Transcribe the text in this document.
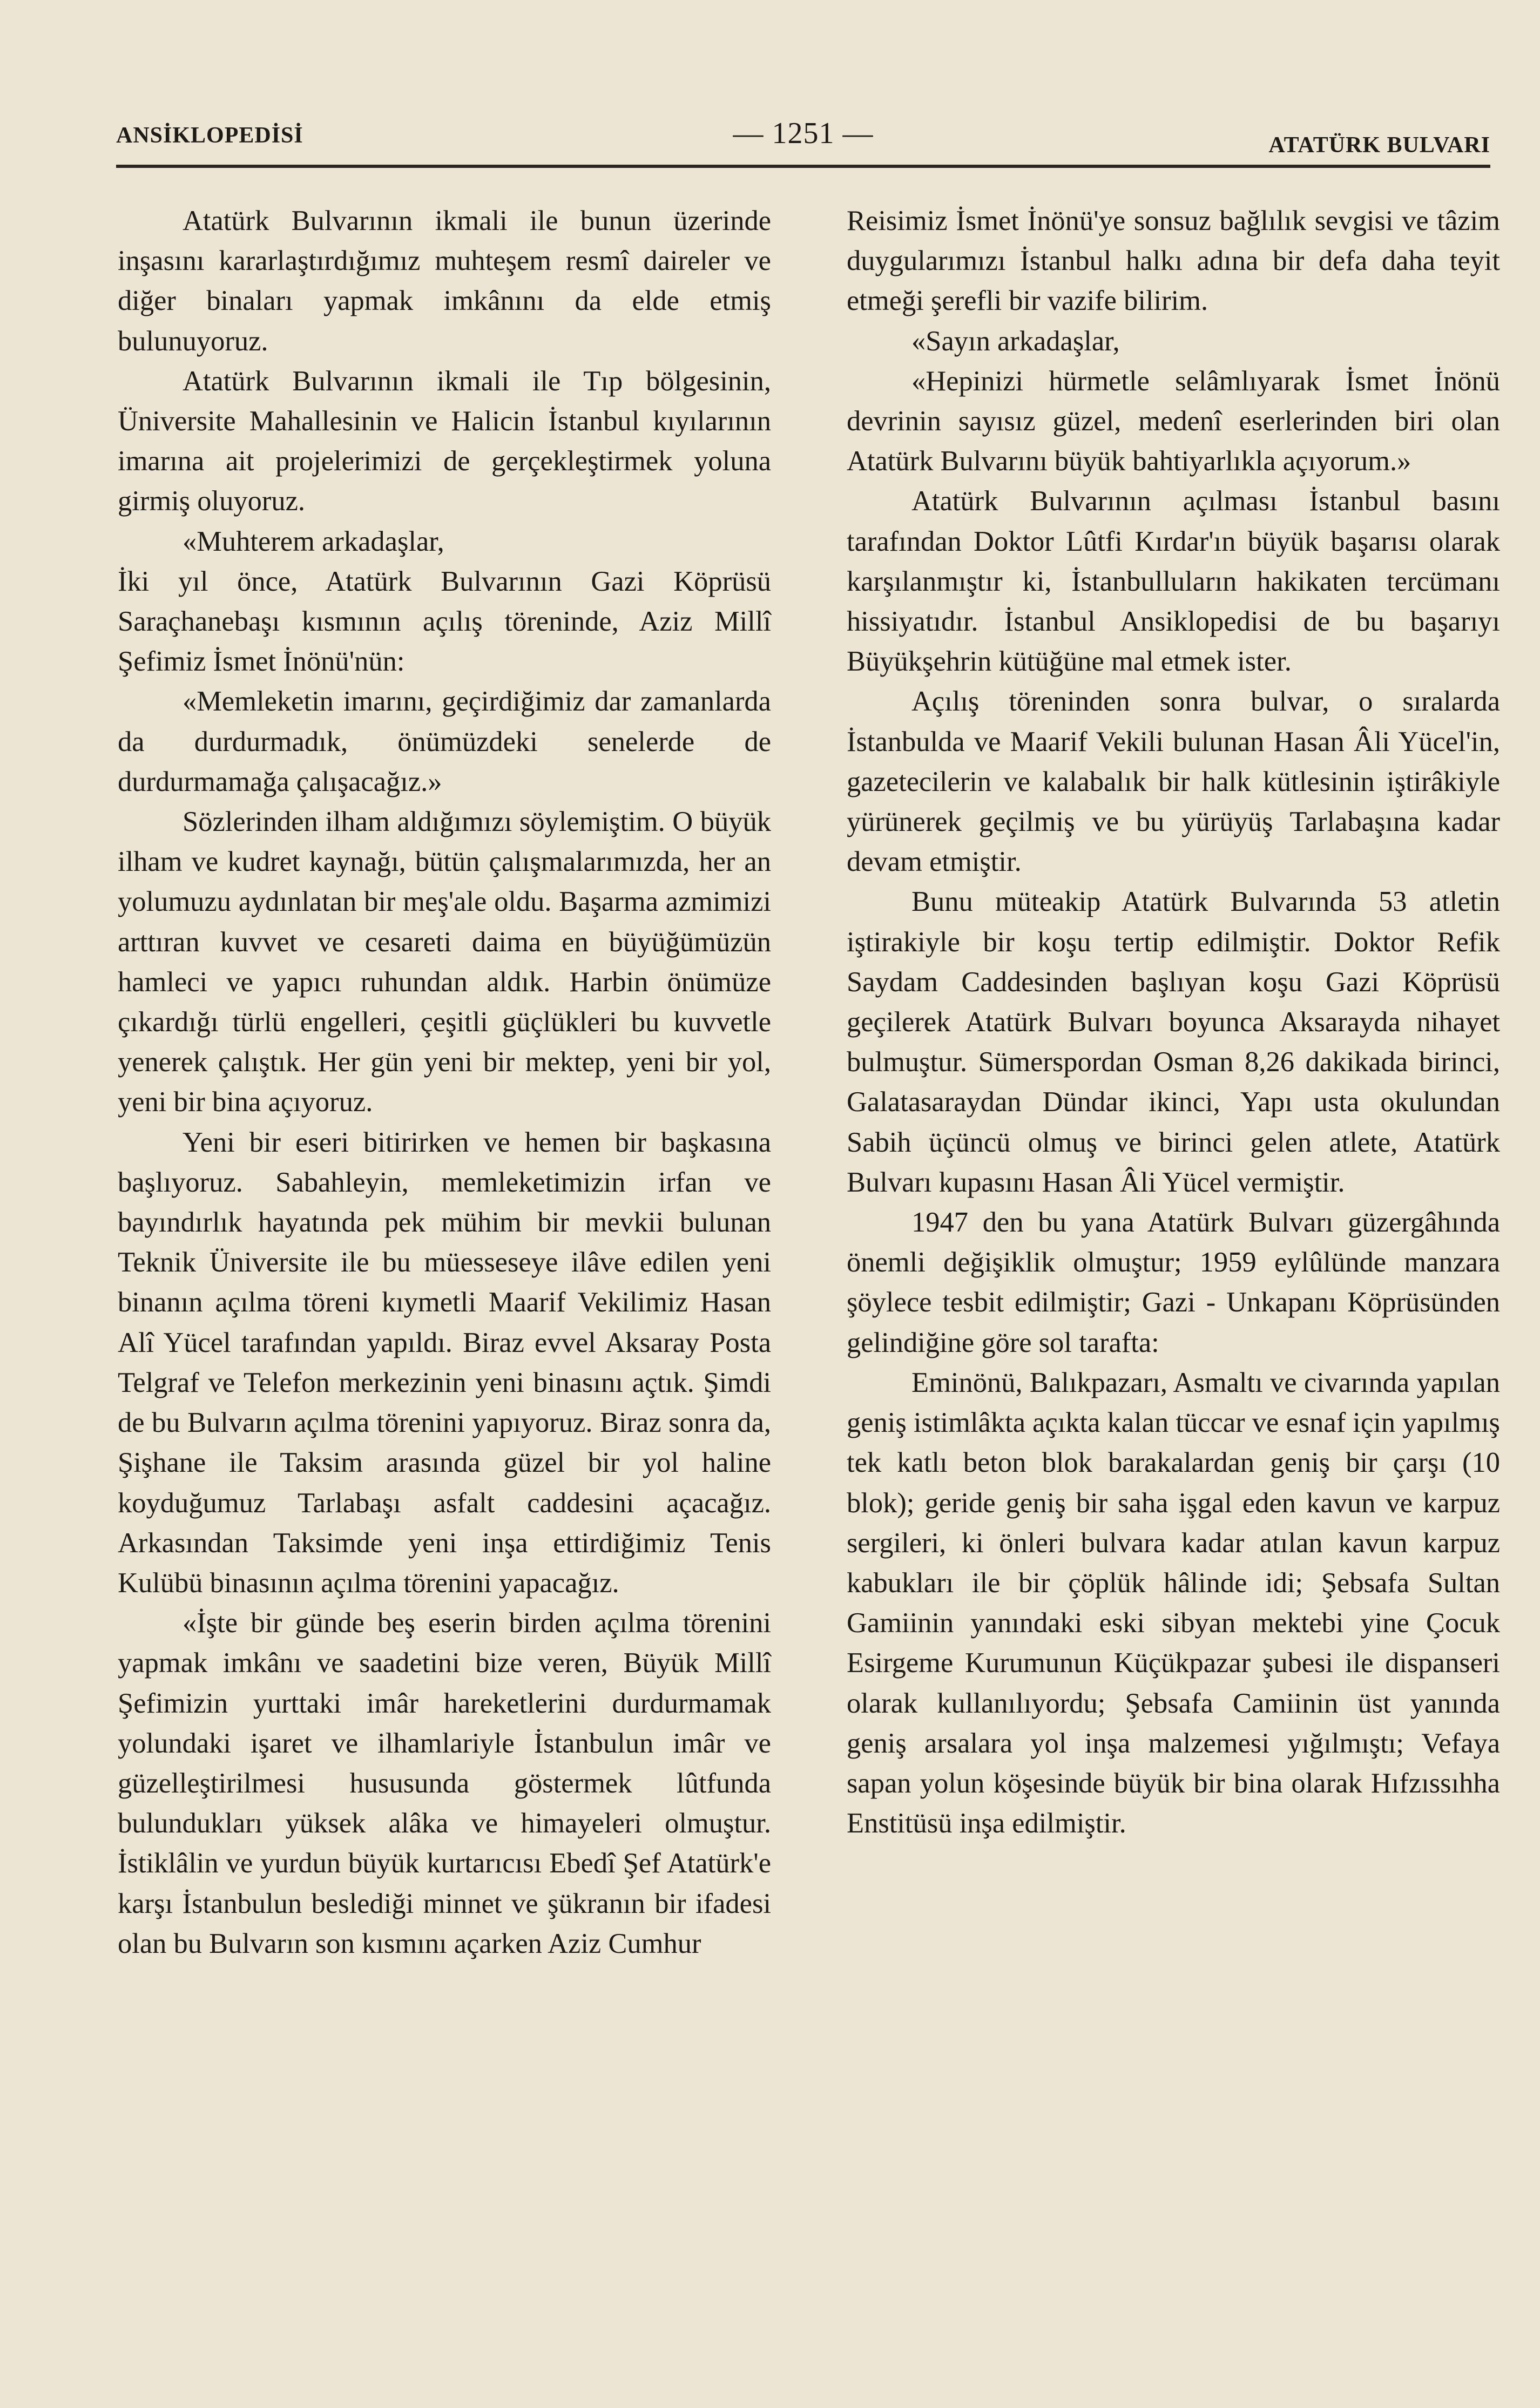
ANSİKLOPEDİSİ	— 1251 —	ATATÜRK BULVARI

Atatürk Bulvarının ikmali ile bunun üzerinde inşasını kararlaştırdığımız muhteşem resmî daireler ve diğer binaları yapmak imkânını da elde etmiş bulunuyoruz.

Atatürk Bulvarının ikmali ile Tıp bölgesinin, Üniversite Mahallesinin ve Halicin İstanbul kıyılarının imarına ait projelerimizi de gerçekleştirmek yoluna girmiş oluyoruz.

«Muhterem arkadaşlar,

İki yıl önce, Atatürk Bulvarının Gazi Köprüsü Saraçhanebaşı kısmının açılış töreninde, Aziz Millî Şefimiz İsmet İnönü'nün:

«Memleketin imarını, geçirdiğimiz dar zamanlarda da durdurmadık, önümüzdeki senelerde de durdurmamağa çalışacağız.»

Sözlerinden ilham aldığımızı söylemiştim. O büyük ilham ve kudret kaynağı, bütün çalışmalarımızda, her an yolumuzu aydınlatan bir meş'ale oldu. Başarma azmimizi arttıran kuvvet ve cesareti daima en büyüğümüzün hamleci ve yapıcı ruhundan aldık. Harbin önümüze çıkardığı türlü engelleri, çeşitli güçlükleri bu kuvvetle yenerek çalıştık. Her gün yeni bir mektep, yeni bir yol, yeni bir bina açıyoruz.

Yeni bir eseri bitirirken ve hemen bir başkasına başlıyoruz. Sabahleyin, memleketimizin irfan ve bayındırlık hayatında pek mühim bir mevkii bulunan Teknik Üniversite ile bu müesseseye ilâve edilen yeni binanın açılma töreni kıymetli Maarif Vekilimiz Hasan Alî Yücel tarafından yapıldı. Biraz evvel Aksaray Posta Telgraf ve Telefon merkezinin yeni binasını açtık. Şimdi de bu Bulvarın açılma törenini yapıyoruz. Biraz sonra da, Şişhane ile Taksim arasında güzel bir yol haline koyduğumuz Tarlabaşı asfalt caddesini açacağız. Arkasından Taksimde yeni inşa ettirdiğimiz Tenis Kulübü binasının açılma törenini yapacağız.

«İşte bir günde beş eserin birden açılma törenini yapmak imkânı ve saadetini bize veren, Büyük Millî Şefimizin yurttaki imâr hareketlerini durdurmamak yolundaki işaret ve ilhamlariyle İstanbulun imâr ve güzelleştirilmesi hususunda göstermek lûtfunda bulundukları yüksek alâka ve himayeleri olmuştur. İstiklâlin ve yurdun büyük kurtarıcısı Ebedî Şef Atatürk'e karşı İstanbulun beslediği minnet ve şükranın bir ifadesi olan bu Bulvarın son kısmını açarken Aziz Cumhur

Reisimiz İsmet İnönü'ye sonsuz bağlılık sevgisi ve tâzim duygularımızı İstanbul halkı adına bir defa daha teyit etmeği şerefli bir vazife bilirim.

«Sayın arkadaşlar,

«Hepinizi hürmetle selâmlıyarak İsmet İnönü devrinin sayısız güzel, medenî eserlerinden biri olan Atatürk Bulvarını büyük bahtiyarlıkla açıyorum.»

Atatürk Bulvarının açılması İstanbul basını tarafından Doktor Lûtfi Kırdar'ın büyük başarısı olarak karşılanmıştır ki, İstanbulluların hakikaten tercümanı hissiyatıdır. İstanbul Ansiklopedisi de bu başarıyı Büyükşehrin kütüğüne mal etmek ister.

Açılış töreninden sonra bulvar, o sıralarda İstanbulda ve Maarif Vekili bulunan Hasan Âli Yücel'in, gazetecilerin ve kalabalık bir halk kütlesinin iştirâkiyle yürünerek geçilmiş ve bu yürüyüş Tarlabaşına kadar devam etmiştir.

Bunu müteakip Atatürk Bulvarında 53 atletin iştirakiyle bir koşu tertip edilmiştir. Doktor Refik Saydam Caddesinden başlıyan koşu Gazi Köprüsü geçilerek Atatürk Bulvarı boyunca Aksarayda nihayet bulmuştur. Sümerspordan Osman 8,26 dakikada birinci, Galatasaraydan Dündar ikinci, Yapı usta okulundan Sabih üçüncü olmuş ve birinci gelen atlete, Atatürk Bulvarı kupasını Hasan Âli Yücel vermiştir.

1947 den bu yana Atatürk Bulvarı güzergâhında önemli değişiklik olmuştur; 1959 eylûlünde manzara şöylece tesbit edilmiştir; Gazi - Unkapanı Köprüsünden gelindiğine göre sol tarafta:

Eminönü, Balıkpazarı, Asmaltı ve civarında yapılan geniş istimlâkta açıkta kalan tüccar ve esnaf için yapılmış tek katlı beton blok barakalardan geniş bir çarşı (10 blok); geride geniş bir saha işgal eden kavun ve karpuz sergileri, ki önleri bulvara kadar atılan kavun karpuz kabukları ile bir çöplük hâlinde idi; Şebsafa Sultan Gamiinin yanındaki eski sibyan mektebi yine Çocuk Esirgeme Kurumunun Küçükpazar şubesi ile dispanseri olarak kullanılıyordu; Şebsafa Camiinin üst yanında geniş arsalara yol inşa malzemesi yığılmıştı; Vefaya sapan yolun köşesinde büyük bir bina olarak Hıfzıssıhha Enstitüsü inşa edilmiştir.
